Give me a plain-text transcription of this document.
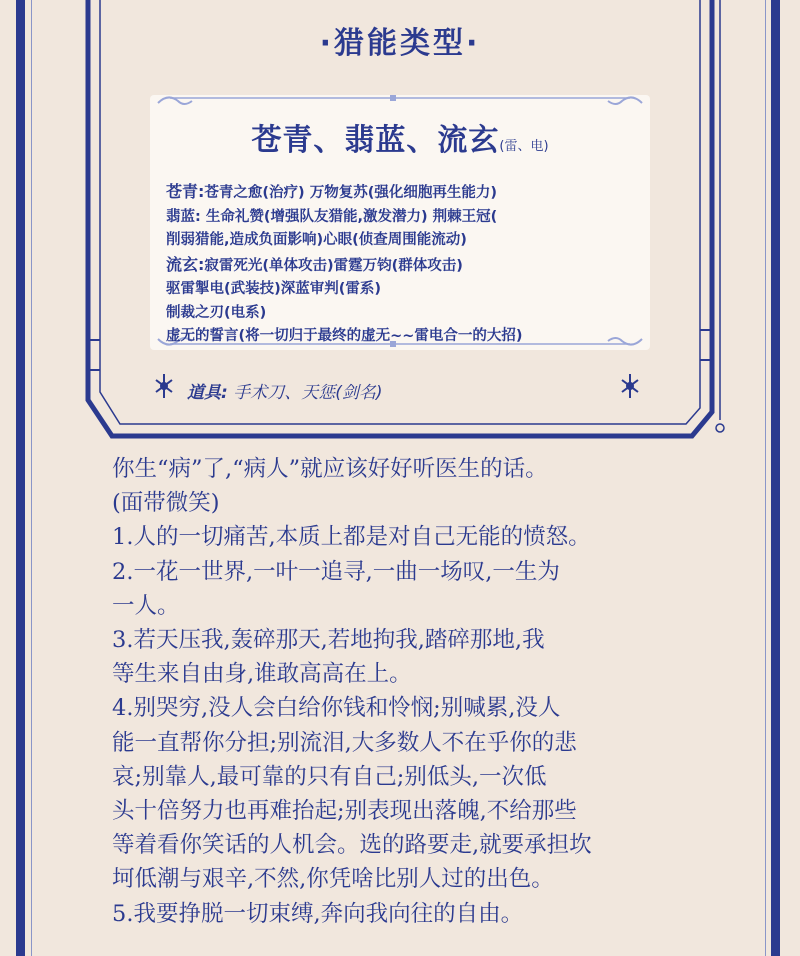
·猎能类型·
苍青、翡蓝、流玄(雷、电)
苍青:苍青之愈(治疗) 万物复苏(强化细胞再生能力)
翡蓝: 生命礼赞(增强队友猎能,激发潜力) 荆棘王冠(
削弱猎能,造成负面影响)心眼(侦查周围能流动)
流玄:寂雷死光(单体攻击)雷霆万钧(群体攻击)
驱雷掣电(武装技)深蓝审判(雷系)
制裁之刃(电系)
虚无的誓言(将一切归于最终的虚无~~雷电合一的大招)
道具: 手术刀、天惩(剑名)

你生“病”了,“病人”就应该好好听医生的话。

(面带微笑)

1.人的一切痛苦,本质上都是对自己无能的愤怒。

2.一花一世界,一叶一追寻,一曲一场叹,一生为

一人。

3.若天压我,轰碎那天,若地拘我,踏碎那地,我

等生来自由身,谁敢高高在上。

4.别哭穷,没人会白给你钱和怜悯;别喊累,没人

能一直帮你分担;别流泪,大多数人不在乎你的悲

哀;别靠人,最可靠的只有自己;别低头,一次低

头十倍努力也再难抬起;别表现出落魄,不给那些

等着看你笑话的人机会。选的路要走,就要承担坎

坷低潮与艰辛,不然,你凭啥比别人过的出色。

5.我要挣脱一切束缚,奔向我向往的自由。
